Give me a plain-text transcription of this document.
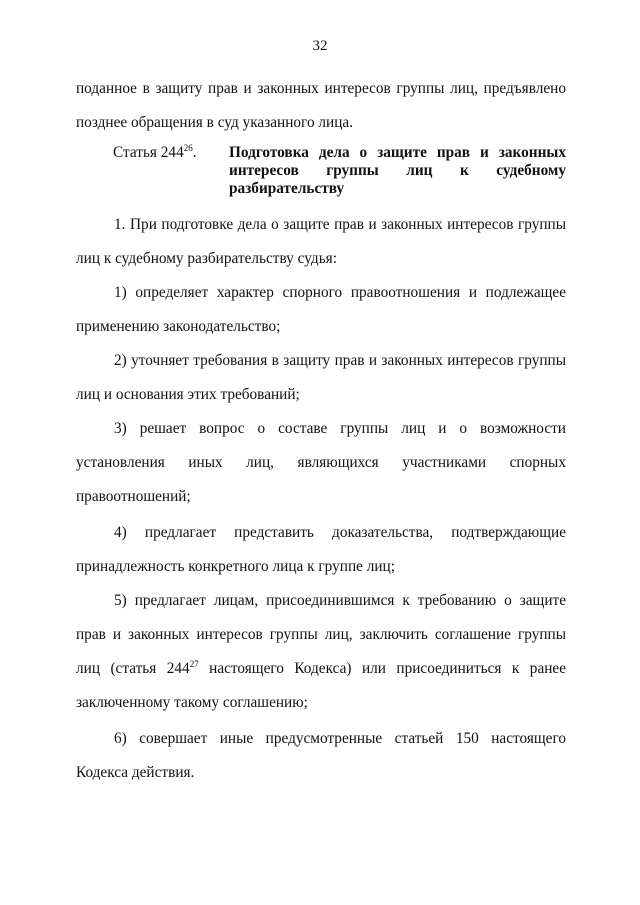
32

поданное в защиту прав и законных интересов группы лиц, предъявлено позднее обращения в суд указанного лица.

Статья $244^{26}$. Подготовка дела о защите прав и законных интересов группы лиц к судебному разбирательству

1. При подготовке дела о защите прав и законных интересов группы лиц к судебному разбирательству судья:

1) определяет характер спорного правоотношения и подлежащее применению законодательство;

2) уточняет требования в защиту прав и законных интересов группы лиц и основания этих требований;

3) решает вопрос о составе группы лиц и о возможности установления иных лиц, являющихся участниками спорных правоотношений;

4) предлагает представить доказательства, подтверждающие принадлежность конкретного лица к группе лиц;

5) предлагает лицам, присоединившимся к требованию о защите прав и законных интересов группы лиц, заключить соглашение группы лиц (статья 244$^{27}$ настоящего Кодекса) или присоединиться к ранее заключенному такому соглашению;

6) совершает иные предусмотренные статьей 150 настоящего Кодекса действия.
